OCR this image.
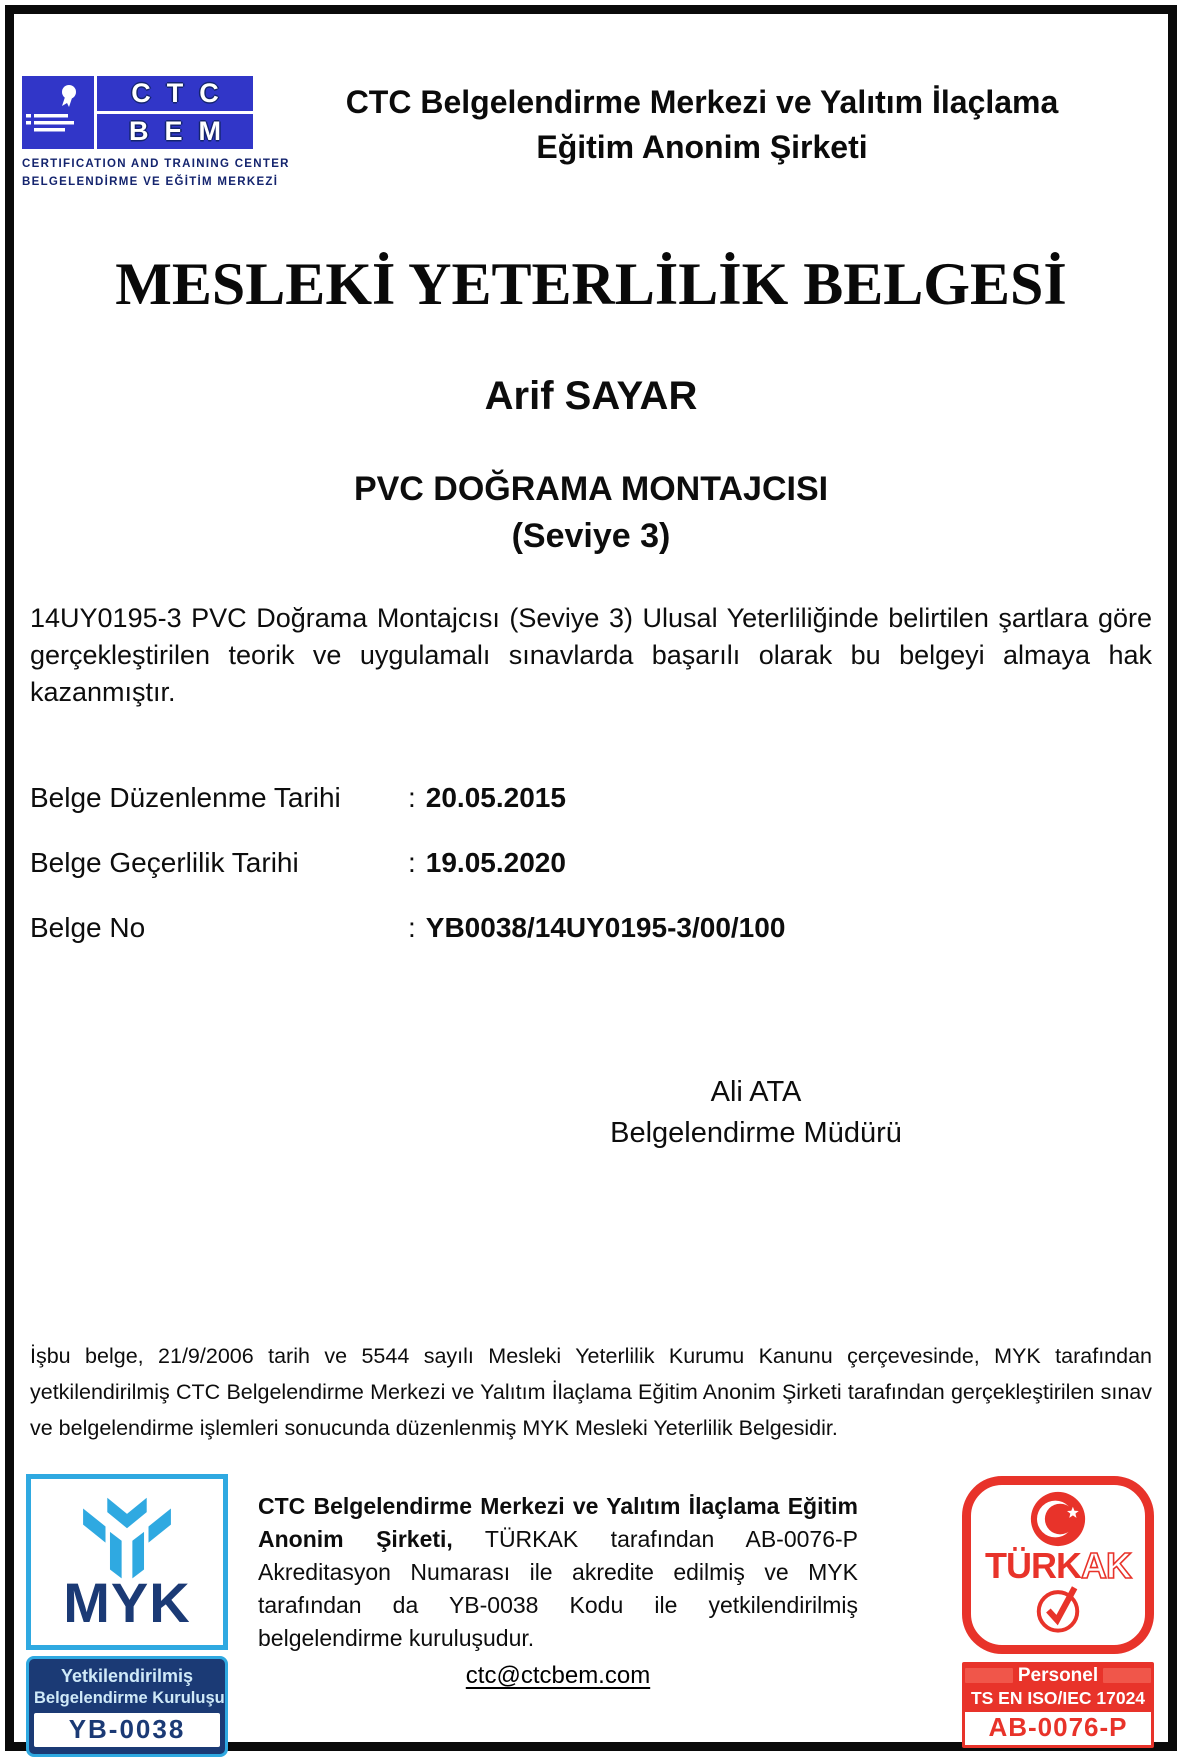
CTC
BEM
CERTIFICATION AND TRAINING CENTER
BELGELENDİRME VE EĞİTİM MERKEZİ
CTC Belgelendirme Merkezi ve Yalıtım İlaçlama
Eğitim Anonim Şirketi
MESLEKİ YETERLİLİK BELGESİ
Arif SAYAR
PVC DOĞRAMA MONTAJCISI
(Seviye 3)
14UY0195-3 PVC Doğrama Montajcısı (Seviye 3) Ulusal Yeterliliğinde belirtilen şartlara göre gerçekleştirilen teorik ve uygulamalı sınavlarda başarılı olarak bu belgeyi almaya hak kazanmıştır.
Belge Düzenlenme Tarihi	: 20.05.2015
Belge Geçerlilik Tarihi	: 19.05.2020
Belge No	: YB0038/14UY0195-3/00/100
Ali ATA
Belgelendirme Müdürü
İşbu belge, 21/9/2006 tarih ve 5544 sayılı Mesleki Yeterlilik Kurumu Kanunu çerçevesinde, MYK tarafından yetkilendirilmiş CTC Belgelendirme Merkezi ve Yalıtım İlaçlama Eğitim Anonim Şirketi tarafından gerçekleştirilen sınav ve belgelendirme işlemleri sonucunda düzenlenmiş MYK Mesleki Yeterlilik Belgesidir.
MYK
Yetkilendirilmiş
Belgelendirme Kuruluşu
YB-0038
CTC Belgelendirme Merkezi ve Yalıtım İlaçlama Eğitim Anonim Şirketi, TÜRKAK tarafından AB-0076-P Akreditasyon Numarası ile akredite edilmiş ve MYK tarafından da YB-0038 Kodu ile yetkilendirilmiş belgelendirme kuruluşudur.
ctc@ctcbem.com
TÜRKAK
Personel
TS EN ISO/IEC 17024
AB-0076-P
